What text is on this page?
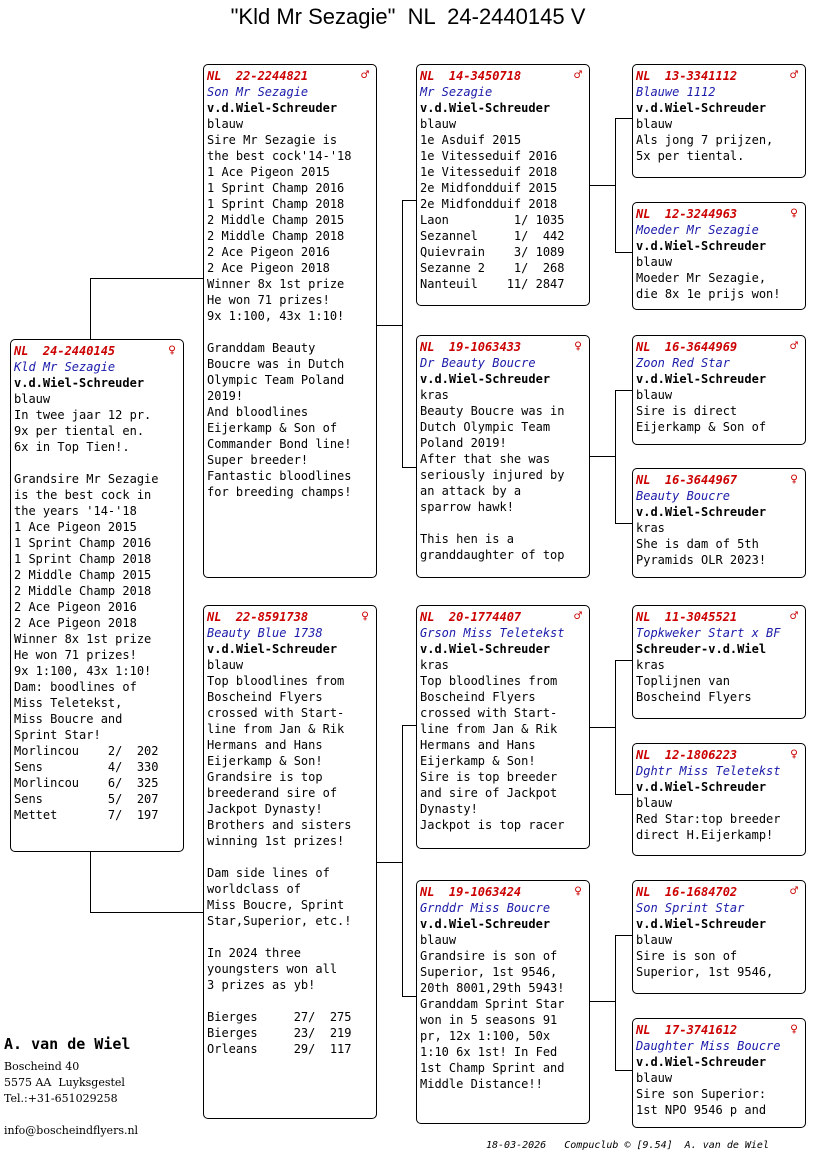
"Kld Mr Sezagie"  NL  24-2440145 V
NL  24-2440145	♀
Kld Mr Sezagie
v.d.Wiel-Schreuder
blauw
In twee jaar 12 pr.
9x per tiental en.
6x in Top Tien!.
Grandsire Mr Sezagie
is the best cock in
the years '14-'18
1 Ace Pigeon 2015
1 Sprint Champ 2016
1 Sprint Champ 2018
2 Middle Champ 2015
2 Middle Champ 2018
2 Ace Pigeon 2016
2 Ace Pigeon 2018
Winner 8x 1st prize
He won 71 prizes!
9x 1:100, 43x 1:10!
Dam: boodlines of
Miss Teletekst,
Miss Boucre and
Sprint Star!
Morlincou    2/  202
Sens         4/  330
Morlincou    6/  325
Sens         5/  207
Mettet       7/  197
NL  22-2244821	♂
Son Mr Sezagie
v.d.Wiel-Schreuder
blauw
Sire Mr Sezagie is
the best cock'14-'18
1 Ace Pigeon 2015
1 Sprint Champ 2016
1 Sprint Champ 2018
2 Middle Champ 2015
2 Middle Champ 2018
2 Ace Pigeon 2016
2 Ace Pigeon 2018
Winner 8x 1st prize
He won 71 prizes!
9x 1:100, 43x 1:10!
Granddam Beauty
Boucre was in Dutch
Olympic Team Poland
2019!
And bloodlines
Eijerkamp & Son of
Commander Bond line!
Super breeder!
Fantastic bloodlines
for breeding champs!
NL  22-8591738	♀
Beauty Blue 1738
v.d.Wiel-Schreuder
blauw
Top bloodlines from
Boscheind Flyers
crossed with Start-
line from Jan & Rik
Hermans and Hans
Eijerkamp & Son!
Grandsire is top
breederand sire of
Jackpot Dynasty!
Brothers and sisters
winning 1st prizes!
Dam side lines of
worldclass of
Miss Boucre, Sprint
Star,Superior, etc.!
In 2024 three
youngsters won all
3 prizes as yb!
Bierges     27/  275
Bierges     23/  219
Orleans     29/  117
NL  14-3450718	♂
Mr Sezagie
v.d.Wiel-Schreuder
blauw
1e Asduif 2015
1e Vitesseduif 2016
1e Vitesseduif 2018
2e Midfondduif 2015
2e Midfondduif 2018
Laon         1/ 1035
Sezannel     1/  442
Quievrain    3/ 1089
Sezanne 2    1/  268
Nanteuil    11/ 2847
NL  19-1063433	♀
Dr Beauty Boucre
v.d.Wiel-Schreuder
kras
Beauty Boucre was in
Dutch Olympic Team
Poland 2019!
After that she was
seriously injured by
an attack by a
sparrow hawk!
This hen is a
granddaughter of top
NL  20-1774407	♂
Grson Miss Teletekst
v.d.Wiel-Schreuder
kras
Top bloodlines from
Boscheind Flyers
crossed with Start-
line from Jan & Rik
Hermans and Hans
Eijerkamp & Son!
Sire is top breeder
and sire of Jackpot
Dynasty!
Jackpot is top racer
NL  19-1063424	♀
Grnddr Miss Boucre
v.d.Wiel-Schreuder
blauw
Grandsire is son of
Superior, 1st 9546,
20th 8001,29th 5943!
Granddam Sprint Star
won in 5 seasons 91
pr, 12x 1:100, 50x
1:10 6x 1st! In Fed
1st Champ Sprint and
Middle Distance!!
NL  13-3341112	♂
Blauwe 1112
v.d.Wiel-Schreuder
blauw
Als jong 7 prijzen,
5x per tiental.
NL  12-3244963	♀
Moeder Mr Sezagie
v.d.Wiel-Schreuder
blauw
Moeder Mr Sezagie,
die 8x 1e prijs won!
NL  16-3644969	♂
Zoon Red Star
v.d.Wiel-Schreuder
blauw
Sire is direct
Eijerkamp & Son of
NL  16-3644967	♀
Beauty Boucre
v.d.Wiel-Schreuder
kras
She is dam of 5th
Pyramids OLR 2023!
NL  11-3045521	♂
Topkweker Start x BF
Schreuder-v.d.Wiel
kras
Toplijnen van
Boscheind Flyers
NL  12-1806223	♀
Dghtr Miss Teletekst
v.d.Wiel-Schreuder
blauw
Red Star:top breeder
direct H.Eijerkamp!
NL  16-1684702	♂
Son Sprint Star
v.d.Wiel-Schreuder
blauw
Sire is son of
Superior, 1st 9546,
NL  17-3741612	♀
Daughter Miss Boucre
v.d.Wiel-Schreuder
blauw
Sire son Superior:
1st NPO 9546 p and
A. van de Wiel
Boscheind 40
5575 AA  Luyksgestel
Tel.:+31-651029258
info@boscheindflyers.nl
18-03-2026   Compuclub © [9.54]  A. van de Wiel
